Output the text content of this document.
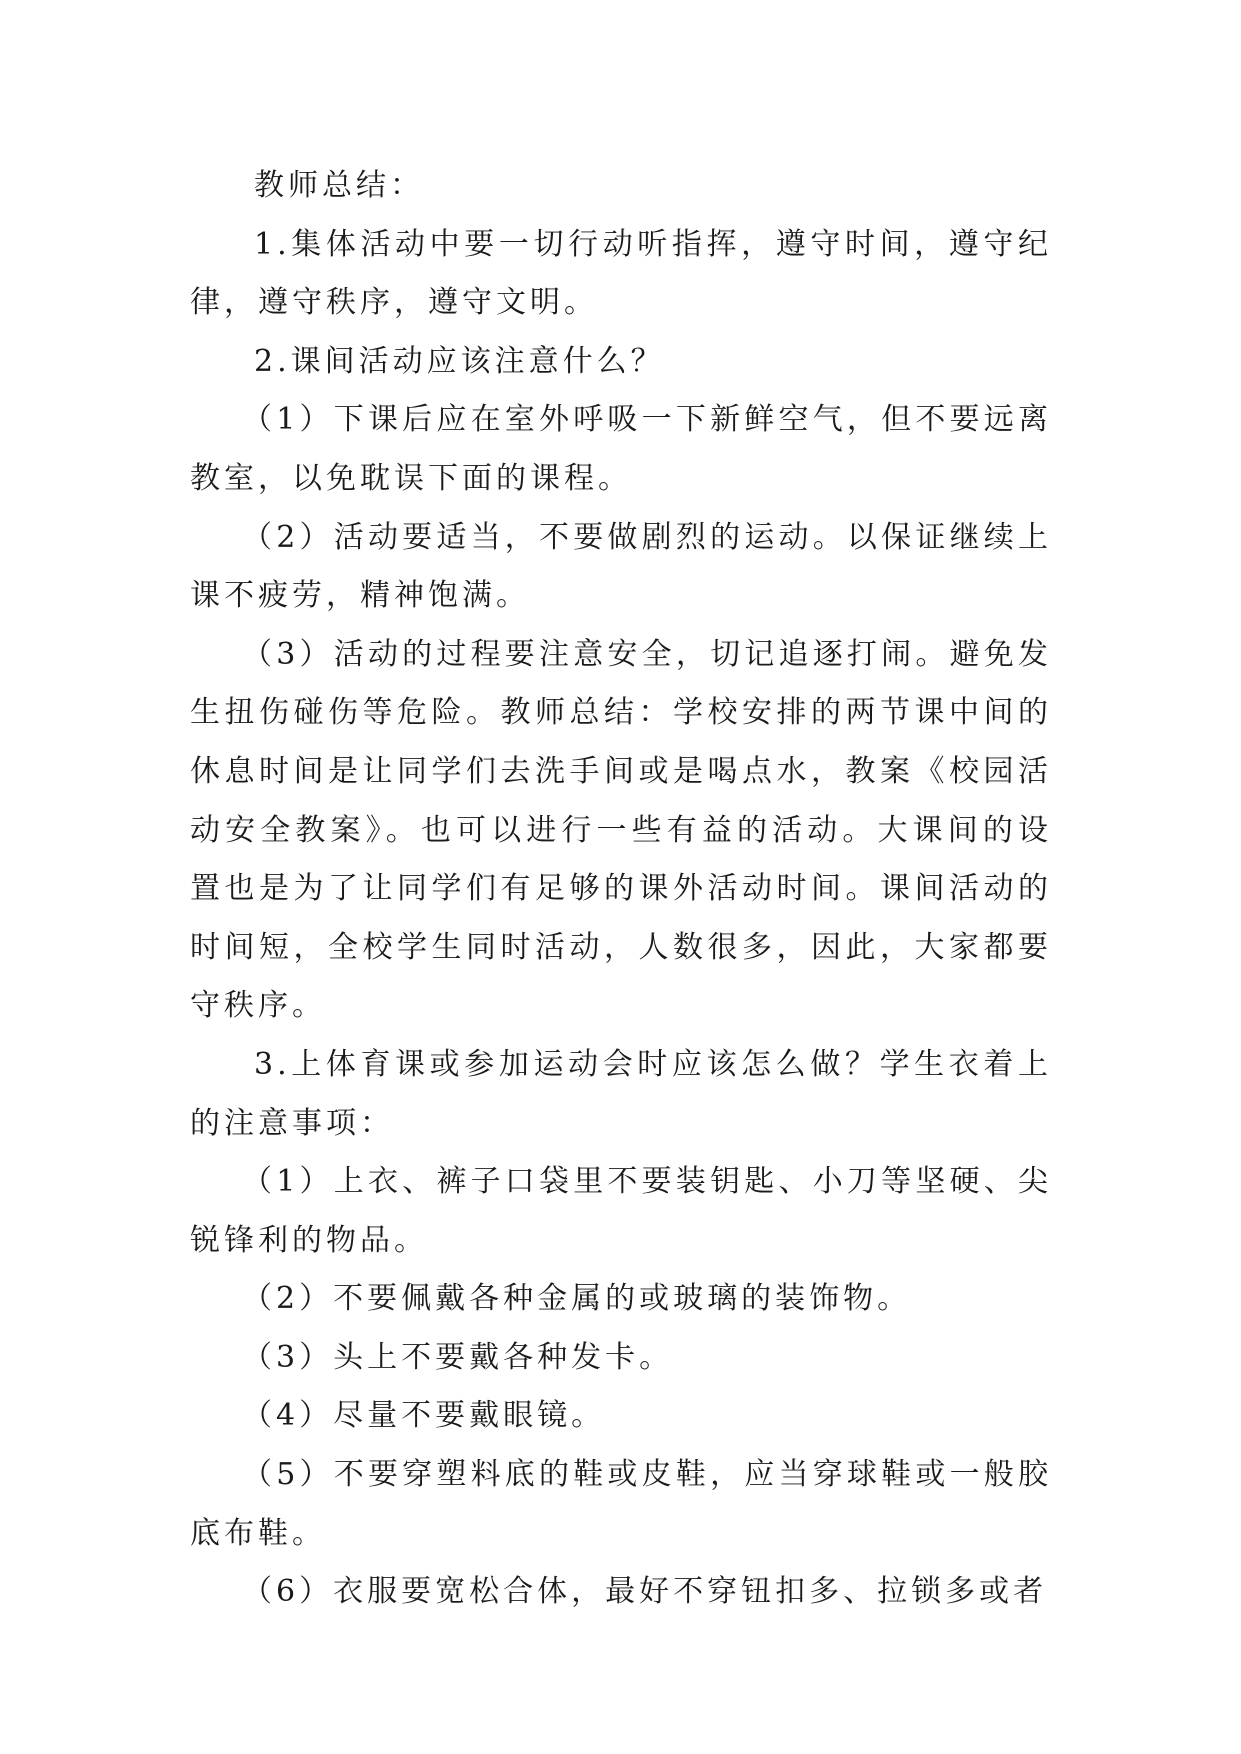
教师总结：

1.集体活动中要一切行动听指挥，遵守时间，遵守纪律，遵守秩序，遵守文明。

2.课间活动应该注意什么？

（1）下课后应在室外呼吸一下新鲜空气，但不要远离教室，以免耽误下面的课程。

（2）活动要适当，不要做剧烈的运动。以保证继续上课不疲劳，精神饱满。

（3）活动的过程要注意安全，切记追逐打闹。避免发生扭伤碰伤等危险。教师总结：学校安排的两节课中间的休息时间是让同学们去洗手间或是喝点水，教案《校园活动安全教案》。也可以进行一些有益的活动。大课间的设置也是为了让同学们有足够的课外活动时间。课间活动的时间短，全校学生同时活动，人数很多，因此，大家都要守秩序。

3.上体育课或参加运动会时应该怎么做？学生衣着上的注意事项：

（1）上衣、裤子口袋里不要装钥匙、小刀等坚硬、尖锐锋利的物品。

（2）不要佩戴各种金属的或玻璃的装饰物。

（3）头上不要戴各种发卡。

（4）尽量不要戴眼镜。

（5）不要穿塑料底的鞋或皮鞋，应当穿球鞋或一般胶底布鞋。

（6）衣服要宽松合体，最好不穿钮扣多、拉锁多或者
